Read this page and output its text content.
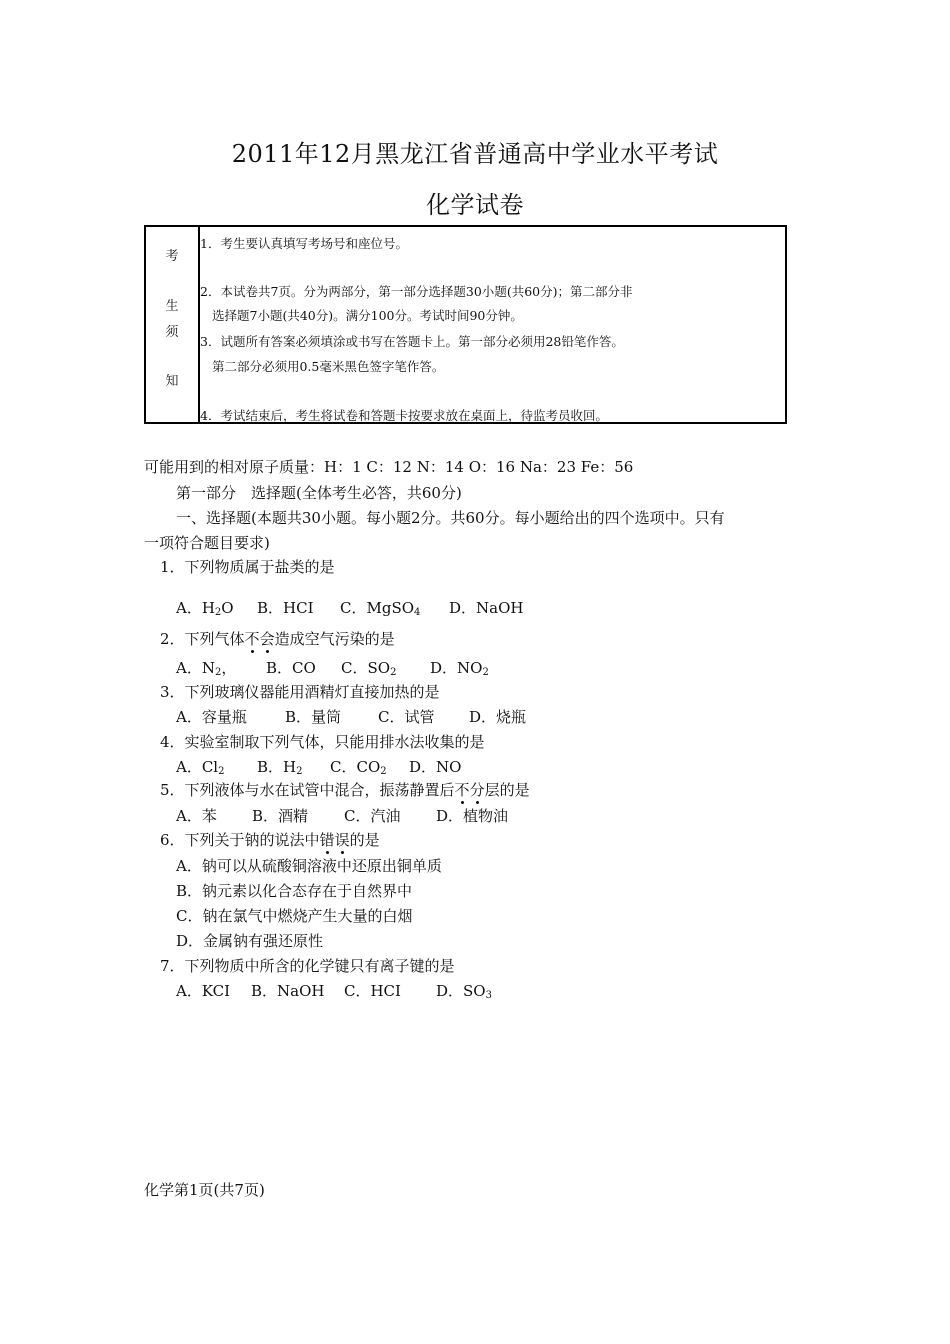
2011年12月黑龙江省普通高中学业水平考试
化学试卷
考
生
须
知
1．考生要认真填写考场号和座位号。
2．本试卷共7页。分为两部分，第一部分选择题30小题(共60分)；第二部分非
选择题7小题(共40分)。满分100分。考试时间90分钟。
3．试题所有答案必须填涂或书写在答题卡上。第一部分必须用28铅笔作答。
第二部分必须用0.5毫米黑色签字笔作答。
4．考试结束后，考生将试卷和答题卡按要求放在桌面上，待监考员收回。
可能用到的相对原子质量：H：1 C：12 N：14 O：16 Na：23 Fe：56
第一部分　选择题(全体考生必答，共60分)
一、选择题(本题共30小题。每小题2分。共60分。每小题给出的四个选项中。只有
一项符合题目要求)
1．下列物质属于盐类的是
A．$H_2O$ B．HCI C．MgSO$_4$ D．NaOH
2．下列气体不会造成空气污染的是
A．$N_2$， B．CO C．$SO_2$ D．$NO_2$
3．下列玻璃仪器能用酒精灯直接加热的是
A．容量瓶	B．量筒 C．试管 D．烧瓶
4．实验室制取下列气体，只能用排水法收集的是
A．$Cl_2$ B．$H_2$ C．$CO_2$ D．NO
5．下列液体与水在试管中混合，振荡静置后不分层的是
A．苯 B．酒精 C．汽油 D．植物油
6．下列关于钠的说法中错误的是
A．钠可以从硫酸铜溶液中还原出铜单质
B．钠元素以化合态存在于自然界中
C．钠在氯气中燃烧产生大量的白烟
D．金属钠有强还原性
7．下列物质中所含的化学键只有离子键的是
A．KCI B．NaOH C．HCI D．$SO_3$
化学第1页(共7页)
